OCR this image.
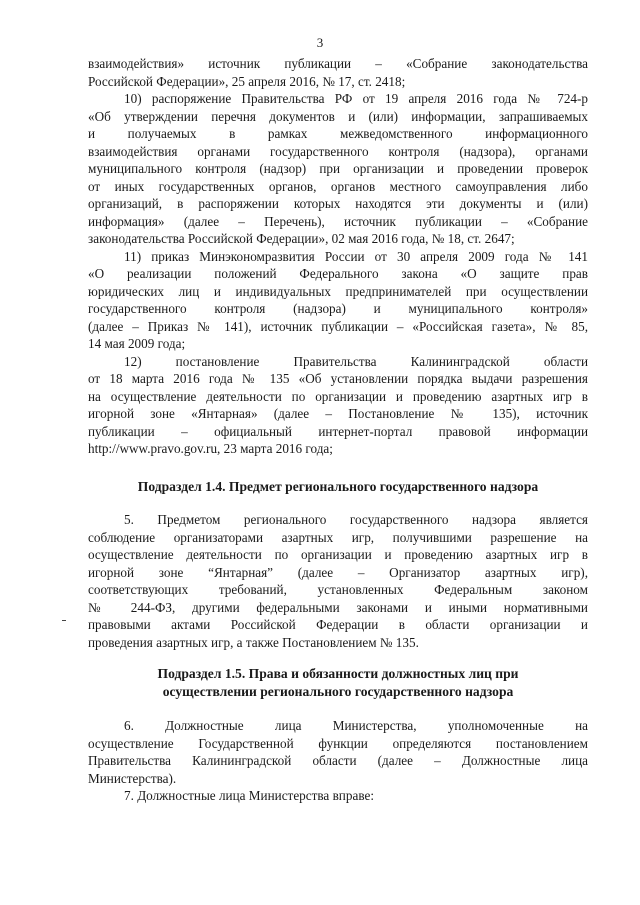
3
взаимодействия» источник публикации – «Собрание законодательства
Российской Федерации», 25 апреля 2016, № 17, ст. 2418;
10) распоряжение Правительства РФ от 19 апреля 2016 года № 724-р
«Об утверждении перечня документов и (или) информации, запрашиваемых
и получаемых в рамках межведомственного информационного
взаимодействия органами государственного контроля (надзора), органами
муниципального контроля (надзор) при организации и проведении проверок
от иных государственных органов, органов местного самоуправления либо
организаций, в распоряжении которых находятся эти документы и (или)
информация» (далее – Перечень), источник публикации – «Собрание
законодательства Российской Федерации», 02 мая 2016 года, № 18, ст. 2647;
11) приказ Минэкономразвития России от 30 апреля 2009 года № 141
«О реализации положений Федерального закона «О защите прав
юридических лиц и индивидуальных предпринимателей при осуществлении
государственного контроля (надзора) и муниципального контроля»
(далее – Приказ № 141), источник публикации – «Российская газета», № 85,
14 мая 2009 года;
12) постановление Правительства Калининградской области
от 18 марта 2016 года № 135 «Об установлении порядка выдачи разрешения
на осуществление деятельности по организации и проведению азартных игр в
игорной зоне «Янтарная» (далее – Постановление № 135), источник
публикации – официальный интернет-портал правовой информации
http://www.pravo.gov.ru, 23 марта 2016 года;
Подраздел 1.4. Предмет регионального государственного надзора
5. Предметом регионального государственного надзора является
соблюдение организаторами азартных игр, получившими разрешение на
осуществление деятельности по организации и проведению азартных игр в
игорной зоне “Янтарная” (далее – Организатор азартных игр),
соответствующих требований, установленных Федеральным законом
№ 244-ФЗ, другими федеральными законами и иными нормативными
правовыми актами Российской Федерации в области организации и
проведения азартных игр, а также Постановлением № 135.
Подраздел 1.5. Права и обязанности должностных лиц при
осуществлении регионального государственного надзора
6. Должностные лица Министерства, уполномоченные на
осуществление Государственной функции определяются постановлением
Правительства Калининградской области (далее – Должностные лица
Министерства).
7. Должностные лица Министерства вправе:
